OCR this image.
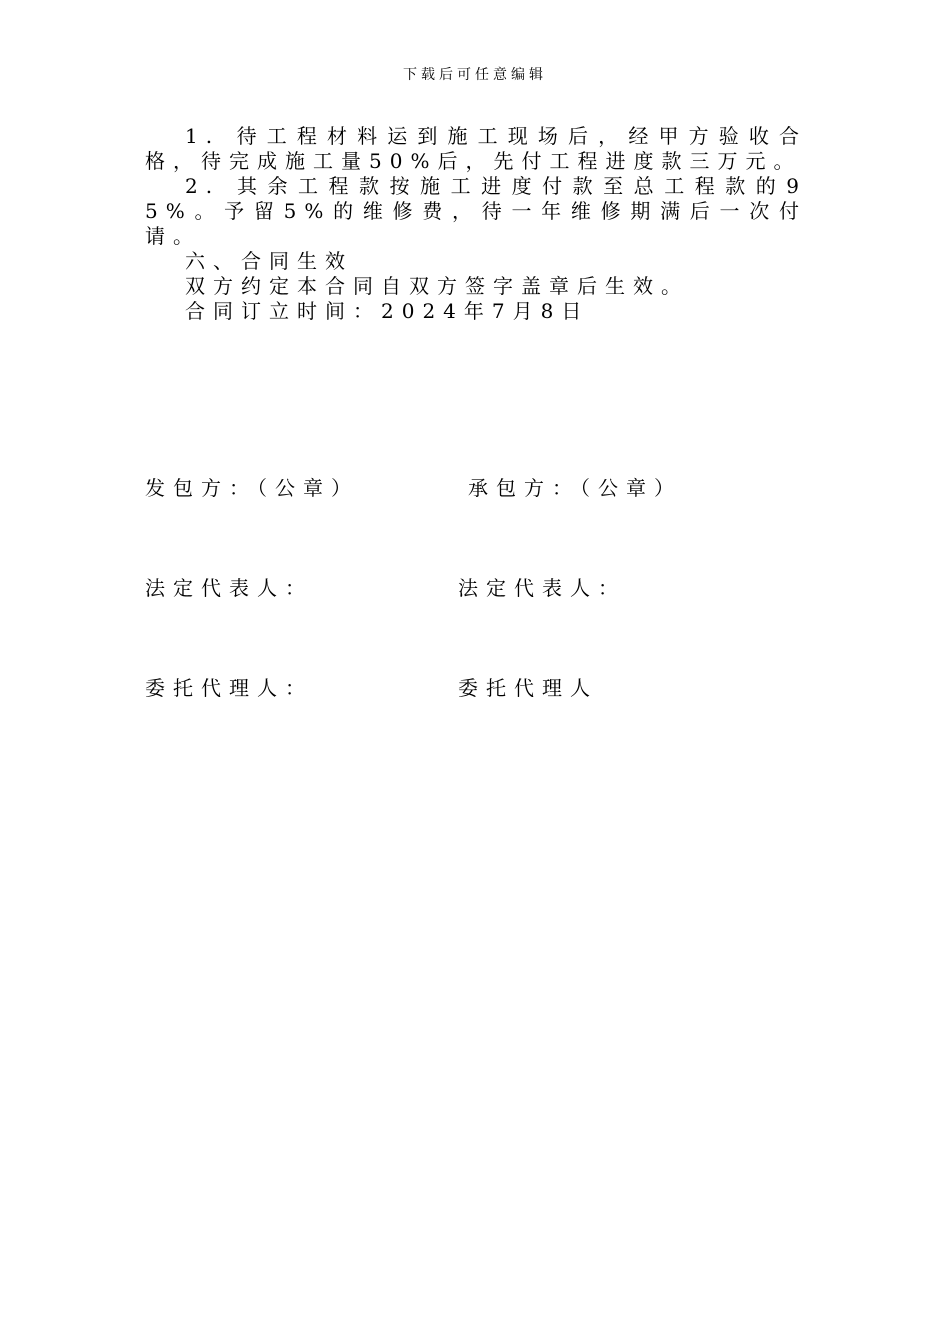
下载后可任意编辑

1. 待工程材料运到施工现场后，经甲方验收合格，待完成施工量50%后，先付工程进度款三万元。

2. 其余工程款按施工进度付款至总工程款的95%。予留5%的维修费，待一年维修期满后一次付请。

六、合同生效

双方约定本合同自双方签字盖章后生效。

合同订立时间：2024年7月8日

发包方：（公章）	承包方：（公章）
法定代表人：	法定代表人：
委托代理人：	委托代理人
